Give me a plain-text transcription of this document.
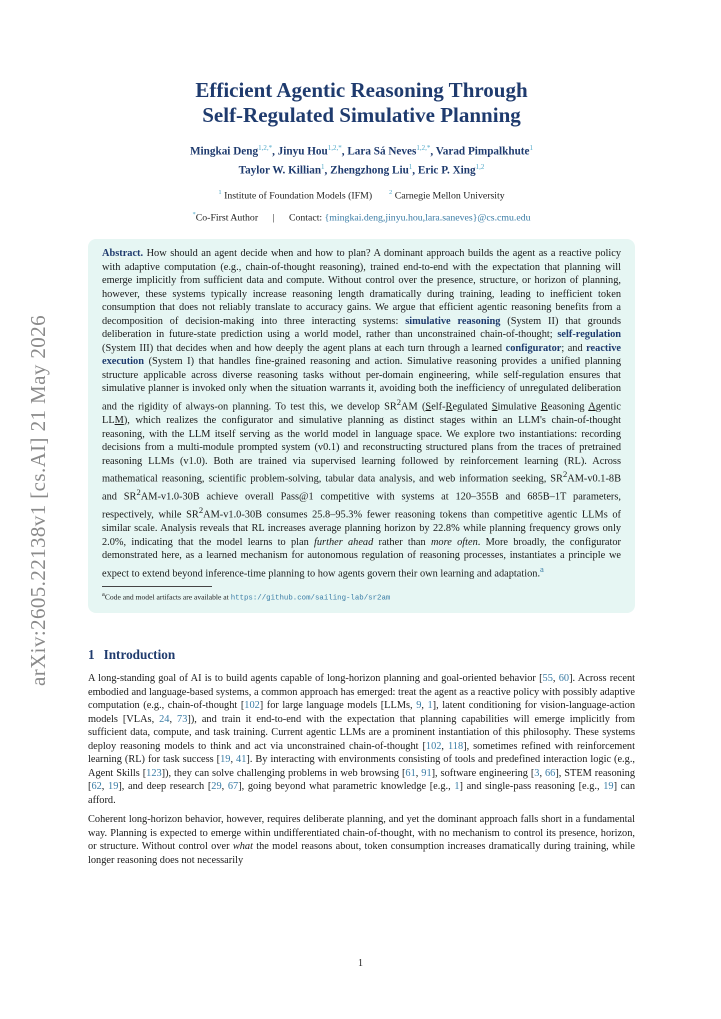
arXiv:2605.22138v1 [cs.AI] 21 May 2026
Efficient Agentic Reasoning Through
Self-Regulated Simulative Planning
Mingkai Deng$^{1,2,*}$, Jinyu Hou$^{1,2,*}$, Lara Sá Neves$^{1,2,*}$, Varad Pimpalkhute$^1$
Taylor W. Killian$^1$, Zhengzhong Liu$^1$, Eric P. Xing$^{1,2}$
$^1$ Institute of Foundation Models (IFM)	$^2$ Carnegie Mellon University
*Co-First Author | Contact: {mingkai.deng,jinyu.hou,lara.saneves}@cs.cmu.edu

Abstract. How should an agent decide when and how to plan? A dominant approach builds the agent as a reactive policy with adaptive computation (e.g., chain-of-thought reasoning), trained end-to-end with the expectation that planning will emerge implicitly from sufficient data and compute. Without control over the presence, structure, or horizon of planning, however, these systems typically increase reasoning length dramatically during training, leading to inefficient token consumption that does not reliably translate to accuracy gains. We argue that efficient agentic reasoning benefits from a decomposition of decision-making into three interacting systems: simulative reasoning (System II) that grounds deliberation in future-state prediction using a world model, rather than unconstrained chain-of-thought; self-regulation (System III) that decides when and how deeply the agent plans at each turn through a learned configurator; and reactive execution (System I) that handles fine-grained reasoning and action. Simulative reasoning provides a unified planning structure applicable across diverse reasoning tasks without per-domain engineering, while self-regulation ensures that simulative planner is invoked only when the situation warrants it, avoiding both the inefficiency of unregulated deliberation and the rigidity of always-on planning. To test this, we develop $SR^2AM$ (Self-Regulated Simulative Reasoning Agentic LLM), which realizes the configurator and simulative planning as distinct stages within an LLM's chain-of-thought reasoning, with the LLM itself serving as the world model in language space. We explore two instantiations: recording decisions from a multi-module prompted system (v0.1) and reconstructing structured plans from the traces of pretrained reasoning LLMs (v1.0). Both are trained via supervised learning followed by reinforcement learning (RL). Across mathematical reasoning, scientific problem-solving, tabular data analysis, and web information seeking, $SR^2AM-v0.1-8B$ and $SR^2AM-v1.0-30B$ achieve overall Pass@1 competitive with systems at 120–355B and 685B–1T parameters, respectively, while $SR^2AM-v1.0-30B$ consumes 25.8–95.3% fewer reasoning tokens than competitive agentic LLMs of similar scale. Analysis reveals that RL increases average planning horizon by 22.8% while planning frequency grows only 2.0%, indicating that the model learns to plan further ahead rather than more often. More broadly, the configurator demonstrated here, as a learned mechanism for autonomous regulation of reasoning processes, instantiates a principle we expect to extend beyond inference-time planning to how agents govern their own learning and adaptation.$^a$

$^a$Code and model artifacts are available at https://github.com/sailing-lab/sr2am
1 Introduction

A long-standing goal of AI is to build agents capable of long-horizon planning and goal-oriented behavior [55, 60]. Across recent embodied and language-based systems, a common approach has emerged: treat the agent as a reactive policy with possibly adaptive computation (e.g., chain-of-thought [102] for large language models [LLMs, 9, 1], latent conditioning for vision-language-action models [VLAs, 24, 73]), and train it end-to-end with the expectation that planning capabilities will emerge implicitly from sufficient data, compute, and task training. Current agentic LLMs are a prominent instantiation of this philosophy. These systems deploy reasoning models to think and act via unconstrained chain-of-thought [102, 118], sometimes refined with reinforcement learning (RL) for task success [19, 41]. By interacting with environments consisting of tools and predefined interaction logic (e.g., Agent Skills [123]), they can solve challenging problems in web browsing [61, 91], software engineering [3, 66], STEM reasoning [62, 19], and deep research [29, 67], going beyond what parametric knowledge [e.g., 1] and single-pass reasoning [e.g., 19] can afford.

Coherent long-horizon behavior, however, requires deliberate planning, and yet the dominant approach falls short in a fundamental way. Planning is expected to emerge within undifferentiated chain-of-thought, with no mechanism to control its presence, horizon, or structure. Without control over what the model reasons about, token consumption increases dramatically during training, while longer reasoning does not necessarily

1
